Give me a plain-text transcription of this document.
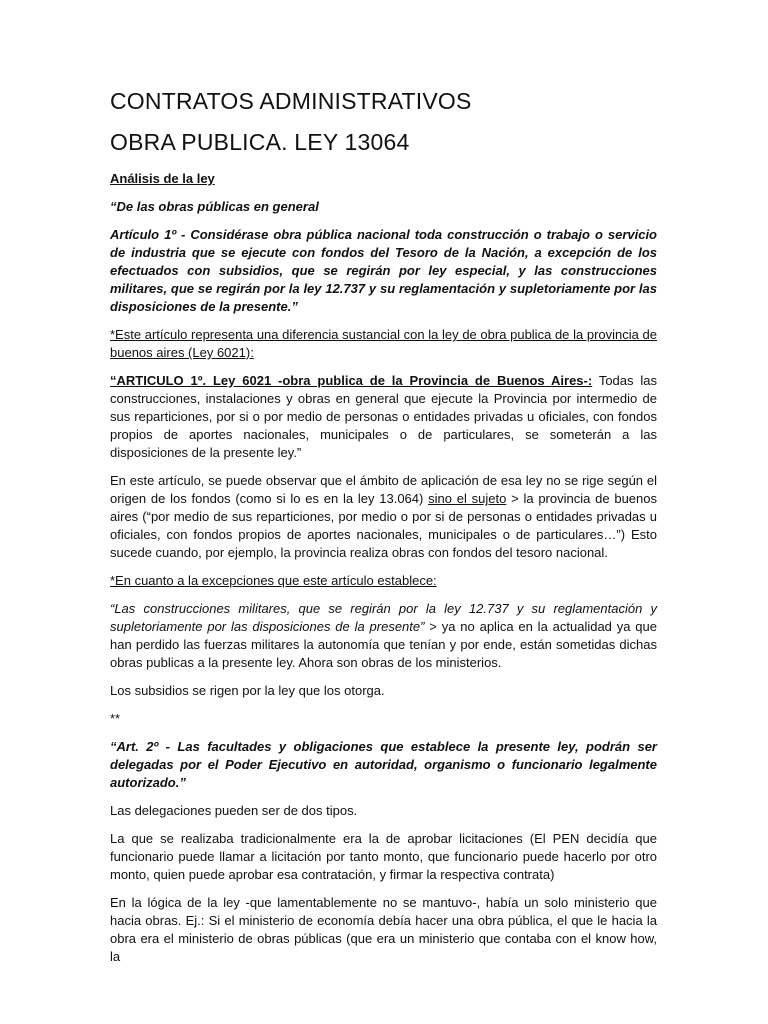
CONTRATOS ADMINISTRATIVOS
OBRA PUBLICA. LEY 13064

Análisis de la ley

“De las obras públicas en general

Artículo 1º - Considérase obra pública nacional toda construcción o trabajo o servicio de industria que se ejecute con fondos del Tesoro de la Nación, a excepción de los efectuados con subsidios, que se regirán por ley especial, y las construcciones militares, que se regirán por la ley 12.737 y su reglamentación y supletoriamente por las disposiciones de la presente.”

*Este artículo representa una diferencia sustancial con la ley de obra publica de la provincia de buenos aires (Ley 6021):

“ARTICULO 1º. Ley 6021 -obra publica de la Provincia de Buenos Aires-: Todas las construcciones, instalaciones y obras en general que ejecute la Provincia por intermedio de sus reparticiones, por si o por medio de personas o entidades privadas u oficiales, con fondos propios de aportes nacionales, municipales o de particulares, se someterán a las disposiciones de la presente ley.”

En este artículo, se puede observar que el ámbito de aplicación de esa ley no se rige según el origen de los fondos (como si lo es en la ley 13.064) sino el sujeto > la provincia de buenos aires (“por medio de sus reparticiones, por medio o por si de personas o entidades privadas u oficiales, con fondos propios de aportes nacionales, municipales o de particulares…”) Esto sucede cuando, por ejemplo, la provincia realiza obras con fondos del tesoro nacional.

*En cuanto a la excepciones que este artículo establece:

“Las construcciones militares, que se regirán por la ley 12.737 y su reglamentación y supletoriamente por las disposiciones de la presente” > ya no aplica en la actualidad ya que han perdido las fuerzas militares la autonomía que tenían y por ende, están sometidas dichas obras publicas a la presente ley. Ahora son obras de los ministerios.

Los subsidios se rigen por la ley que los otorga.

**

“Art. 2º - Las facultades y obligaciones que establece la presente ley, podrán ser delegadas por el Poder Ejecutivo en autoridad, organismo o funcionario legalmente autorizado.”

Las delegaciones pueden ser de dos tipos.

La que se realizaba tradicionalmente era la de aprobar licitaciones (El PEN decidía que funcionario puede llamar a licitación por tanto monto, que funcionario puede hacerlo por otro monto, quien puede aprobar esa contratación, y firmar la respectiva contrata)

En la lógica de la ley -que lamentablemente no se mantuvo-, había un solo ministerio que hacia obras. Ej.: Si el ministerio de economía debía hacer una obra pública, el que le hacia la obra era el ministerio de obras públicas (que era un ministerio que contaba con el know how, la
